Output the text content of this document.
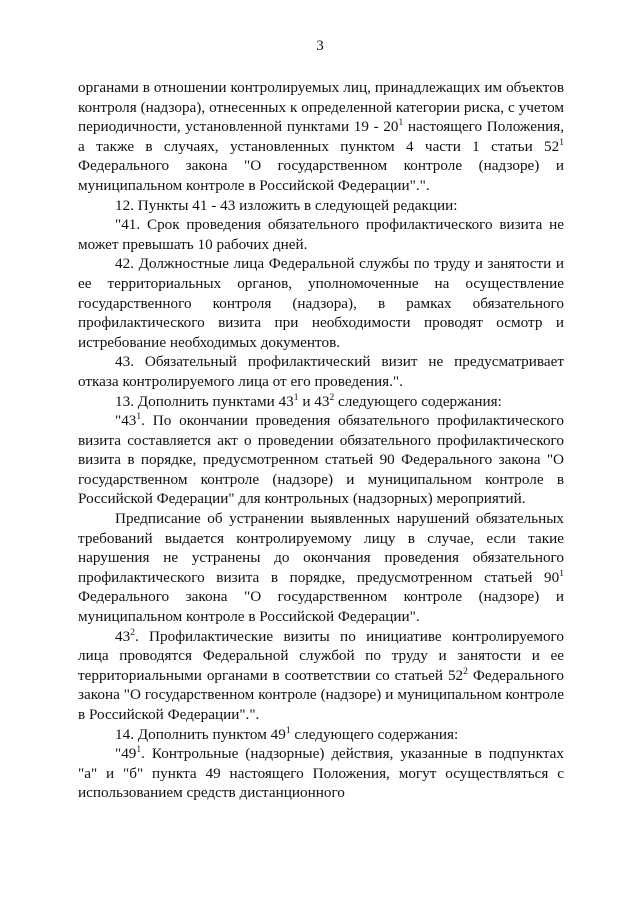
3

органами в отношении контролируемых лиц, принадлежащих им объектов контроля (надзора), отнесенных к определенной категории риска, с учетом периодичности, установленной пунктами $19 - 20^1$ настоящего Положения, а также в случаях, установленных пунктом 4 части 1 статьи $52^1$ Федерального закона "О государственном контроле (надзоре) и муниципальном контроле в Российской Федерации".".

12. Пункты 41 - 43 изложить в следующей редакции:

"41. Срок проведения обязательного профилактического визита не может превышать 10 рабочих дней.

42. Должностные лица Федеральной службы по труду и занятости и ее территориальных органов, уполномоченные на осуществление государственного контроля (надзора), в рамках обязательного профилактического визита при необходимости проводят осмотр и истребование необходимых документов.

43. Обязательный профилактический визит не предусматривает отказа контролируемого лица от его проведения.".

13. Дополнить пунктами $43^1$ и $43^2$ следующего содержания:

"$43^1$. По окончании проведения обязательного профилактического визита составляется акт о проведении обязательного профилактического визита в порядке, предусмотренном статьей 90 Федерального закона "О государственном контроле (надзоре) и муниципальном контроле в Российской Федерации" для контрольных (надзорных) мероприятий.

Предписание об устранении выявленных нарушений обязательных требований выдается контролируемому лицу в случае, если такие нарушения не устранены до окончания проведения обязательного профилактического визита в порядке, предусмотренном статьей $90^1$ Федерального закона "О государственном контроле (надзоре) и муниципальном контроле в Российской Федерации".

$43^2$. Профилактические визиты по инициативе контролируемого лица проводятся Федеральной службой по труду и занятости и ее территориальными органами в соответствии со статьей $52^2$ Федерального закона "О государственном контроле (надзоре) и муниципальном контроле в Российской Федерации".".

14. Дополнить пунктом $49^1$ следующего содержания:

"$49^1$. Контрольные (надзорные) действия, указанные в подпунктах "а" и "б" пункта 49 настоящего Положения, могут осуществляться с использованием средств дистанционного
